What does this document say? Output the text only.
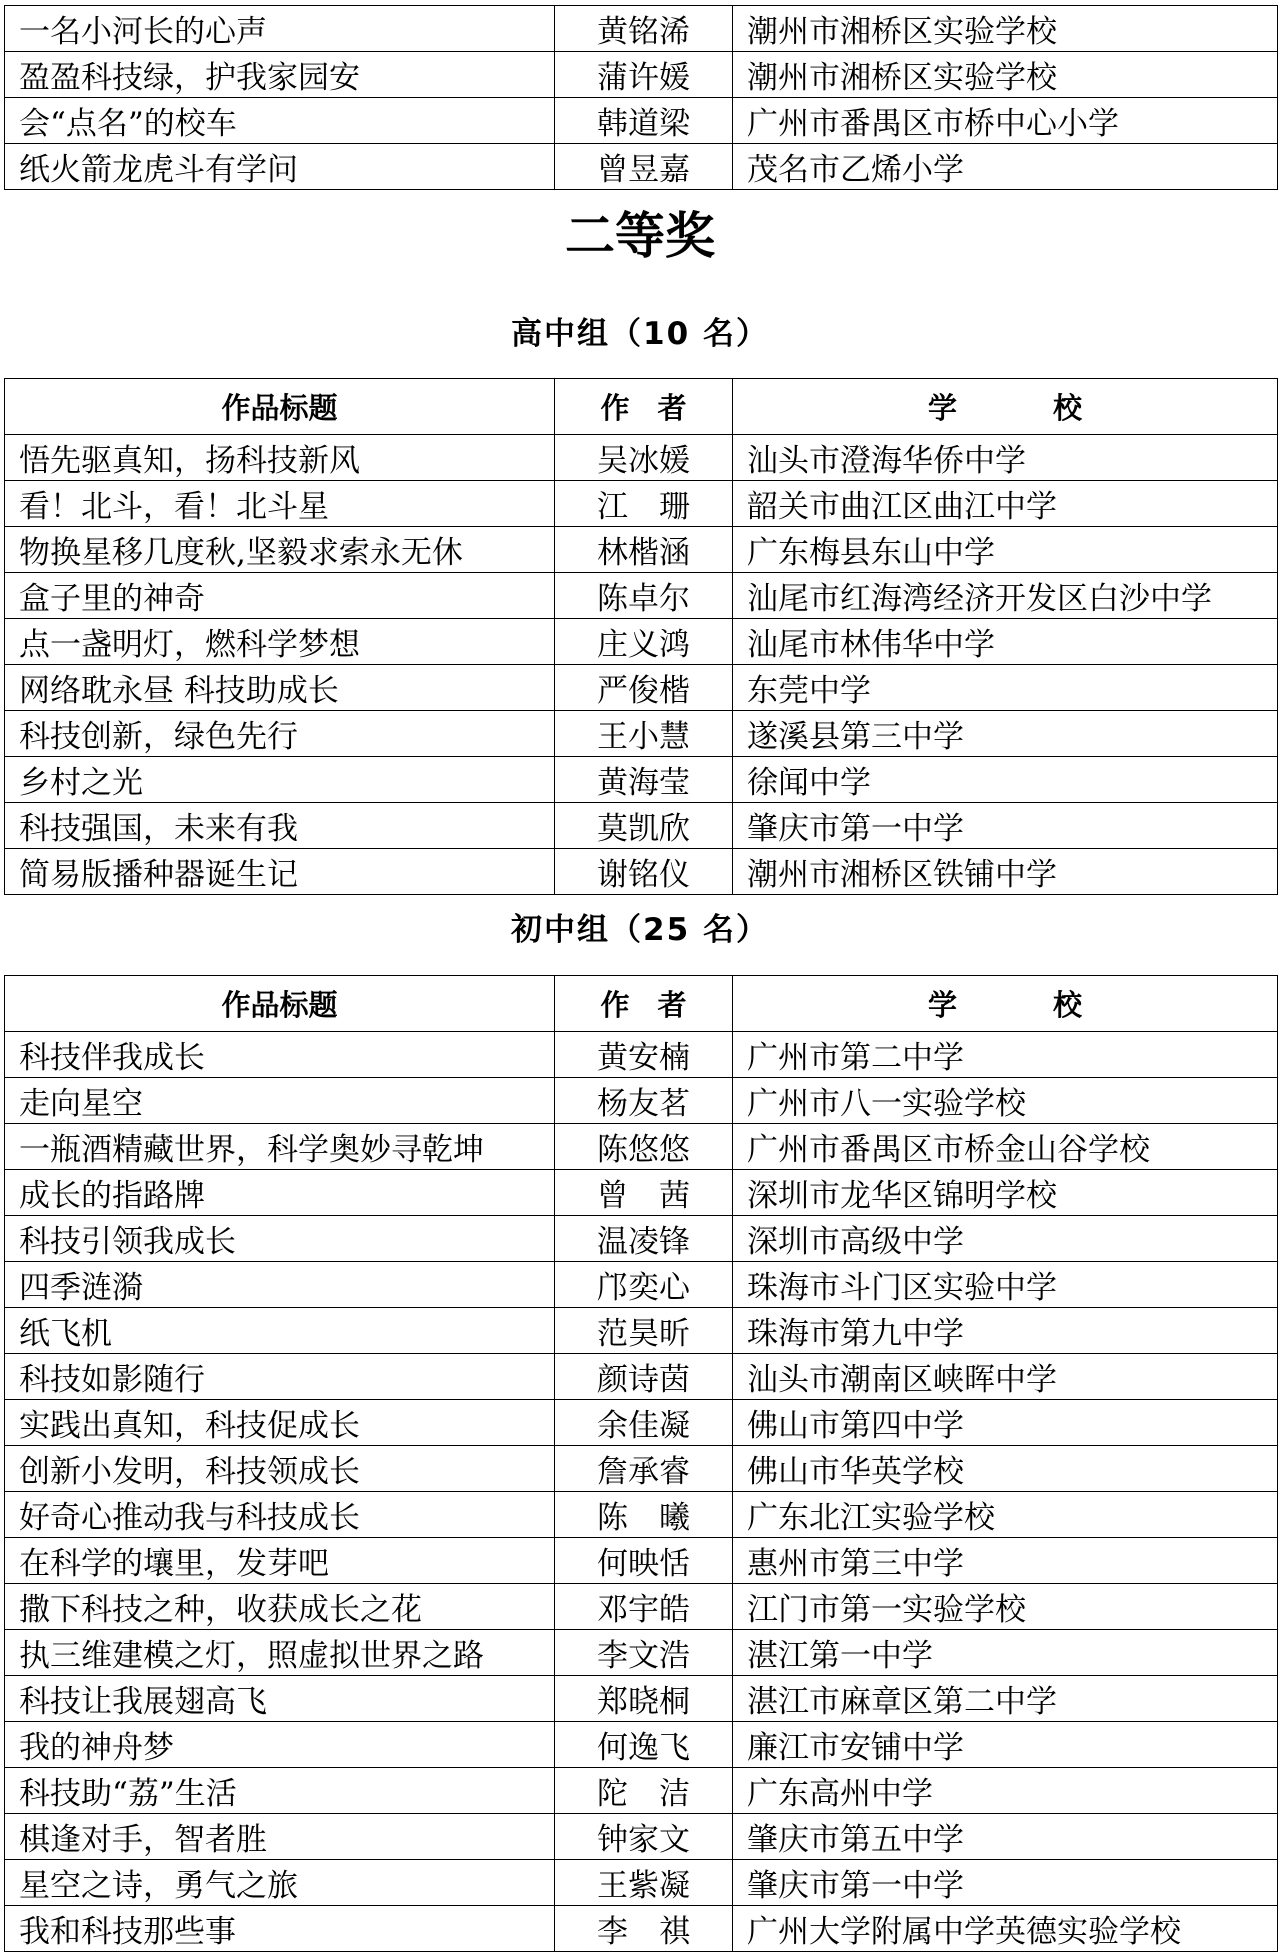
一名小河长的心声	黄铭浠	潮州市湘桥区实验学校
盈盈科技绿，护我家园安	蒲许媛	潮州市湘桥区实验学校
会“点名”的校车	韩道梁	广州市番禺区市桥中心小学
纸火箭龙虎斗有学问	曾昱嘉	茂名市乙烯小学
二等奖
高中组（10 名）
作品标题	作者	学校
悟先驱真知，扬科技新风	吴冰媛	汕头市澄海华侨中学
看！北斗，看！北斗星	江　珊	韶关市曲江区曲江中学
物换星移几度秋,坚毅求索永无休	林楷涵	广东梅县东山中学
盒子里的神奇	陈卓尔	汕尾市红海湾经济开发区白沙中学
点一盏明灯，燃科学梦想	庄义鸿	汕尾市林伟华中学
网络耽永昼 科技助成长	严俊楷	东莞中学
科技创新，绿色先行	王小慧	遂溪县第三中学
乡村之光	黄海莹	徐闻中学
科技强国，未来有我	莫凯欣	肇庆市第一中学
简易版播种器诞生记	谢铭仪	潮州市湘桥区铁铺中学
初中组（25 名）
作品标题	作者	学校
科技伴我成长	黄安楠	广州市第二中学
走向星空	杨友茗	广州市八一实验学校
一瓶酒精藏世界，科学奥妙寻乾坤	陈悠悠	广州市番禺区市桥金山谷学校
成长的指路牌	曾　茜	深圳市龙华区锦明学校
科技引领我成长	温凌锋	深圳市高级中学
四季涟漪	邝奕心	珠海市斗门区实验中学
纸飞机	范昊昕	珠海市第九中学
科技如影随行	颜诗茵	汕头市潮南区峡晖中学
实践出真知，科技促成长	余佳凝	佛山市第四中学
创新小发明，科技领成长	詹承睿	佛山市华英学校
好奇心推动我与科技成长	陈　曦	广东北江实验学校
在科学的壤里，发芽吧	何映恬	惠州市第三中学
撒下科技之种，收获成长之花	邓宇皓	江门市第一实验学校
执三维建模之灯，照虚拟世界之路	李文浩	湛江第一中学
科技让我展翅高飞	郑晓桐	湛江市麻章区第二中学
我的神舟梦	何逸飞	廉江市安铺中学
科技助“荔”生活	陀　洁	广东高州中学
棋逢对手，智者胜	钟家文	肇庆市第五中学
星空之诗，勇气之旅	王紫凝	肇庆市第一中学
我和科技那些事	李　祺	广州大学附属中学英德实验学校
